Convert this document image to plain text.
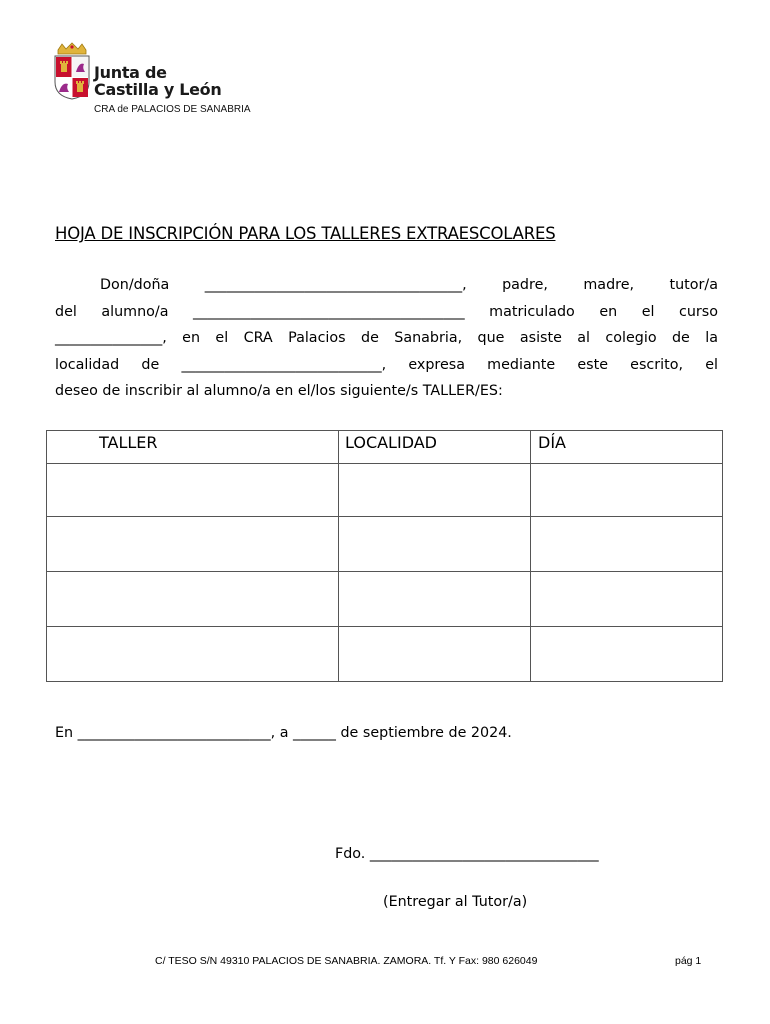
Junta de
Castilla y León
CRA de PALACIOS DE SANABRIA
HOJA DE INSCRIPCIÓN PARA LOS TALLERES EXTRAESCOLARES
Don/doña ____________________________________, padre, madre, tutor/a
del alumno/a ______________________________________ matriculado en el curso
_______________, en el CRA Palacios de Sanabria, que asiste al colegio de la
localidad de ____________________________, expresa mediante este escrito, el
deseo de inscribir al alumno/a en el/los siguiente/s TALLER/ES:
TALLER	LOCALIDAD	DÍA

En ___________________________, a ______ de septiembre de 2024.
Fdo. ________________________________
(Entregar al Tutor/a)
C/ TESO S/N 49310 PALACIOS DE SANABRIA. ZAMORA. Tf. Y Fax: 980 626049	pág 1
